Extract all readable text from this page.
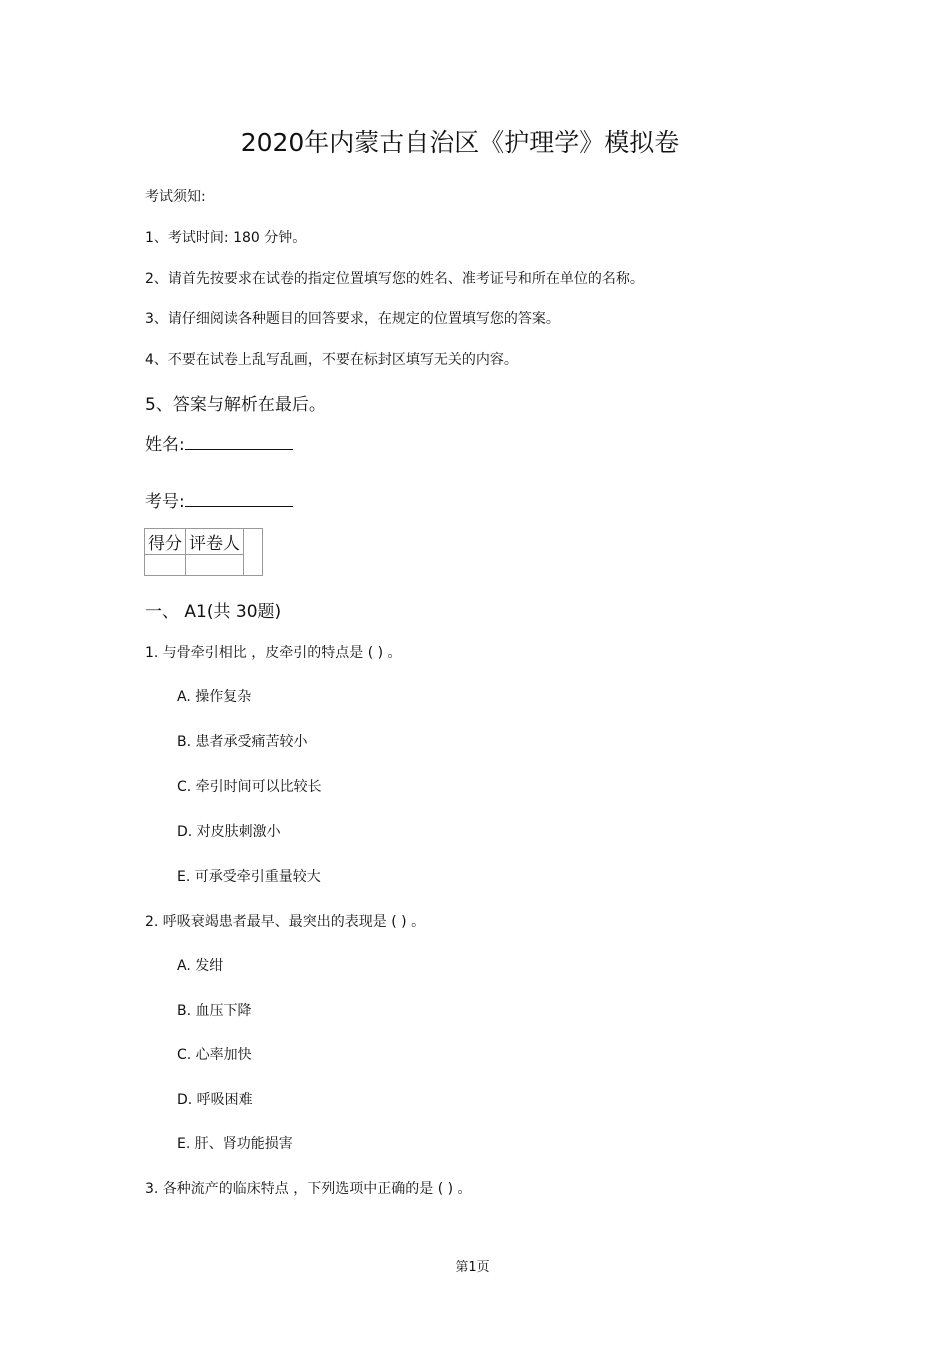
2020年内蒙古自治区《护理学》模拟卷
考试须知:
1、考试时间: 180 分钟。
2、请首先按要求在试卷的指定位置填写您的姓名、准考证号和所在单位的名称。
3、请仔细阅读各种题目的回答要求，在规定的位置填写您的答案。
4、不要在试卷上乱写乱画，不要在标封区填写无关的内容。
5、答案与解析在最后。
姓名:
考号:
得分	评卷人	

一、 A1(共 30题)
1. 与骨牵引相比 ，皮牵引的特点是 ( ) 。
A. 操作复杂
B. 患者承受痛苦较小
C. 牵引时间可以比较长
D. 对皮肤刺激小
E. 可承受牵引重量较大
2. 呼吸衰竭患者最早、最突出的表现是 ( ) 。
A. 发绀
B. 血压下降
C. 心率加快
D. 呼吸困难
E. 肝、肾功能损害
3. 各种流产的临床特点 ，下列选项中正确的是 ( ) 。
第1页
